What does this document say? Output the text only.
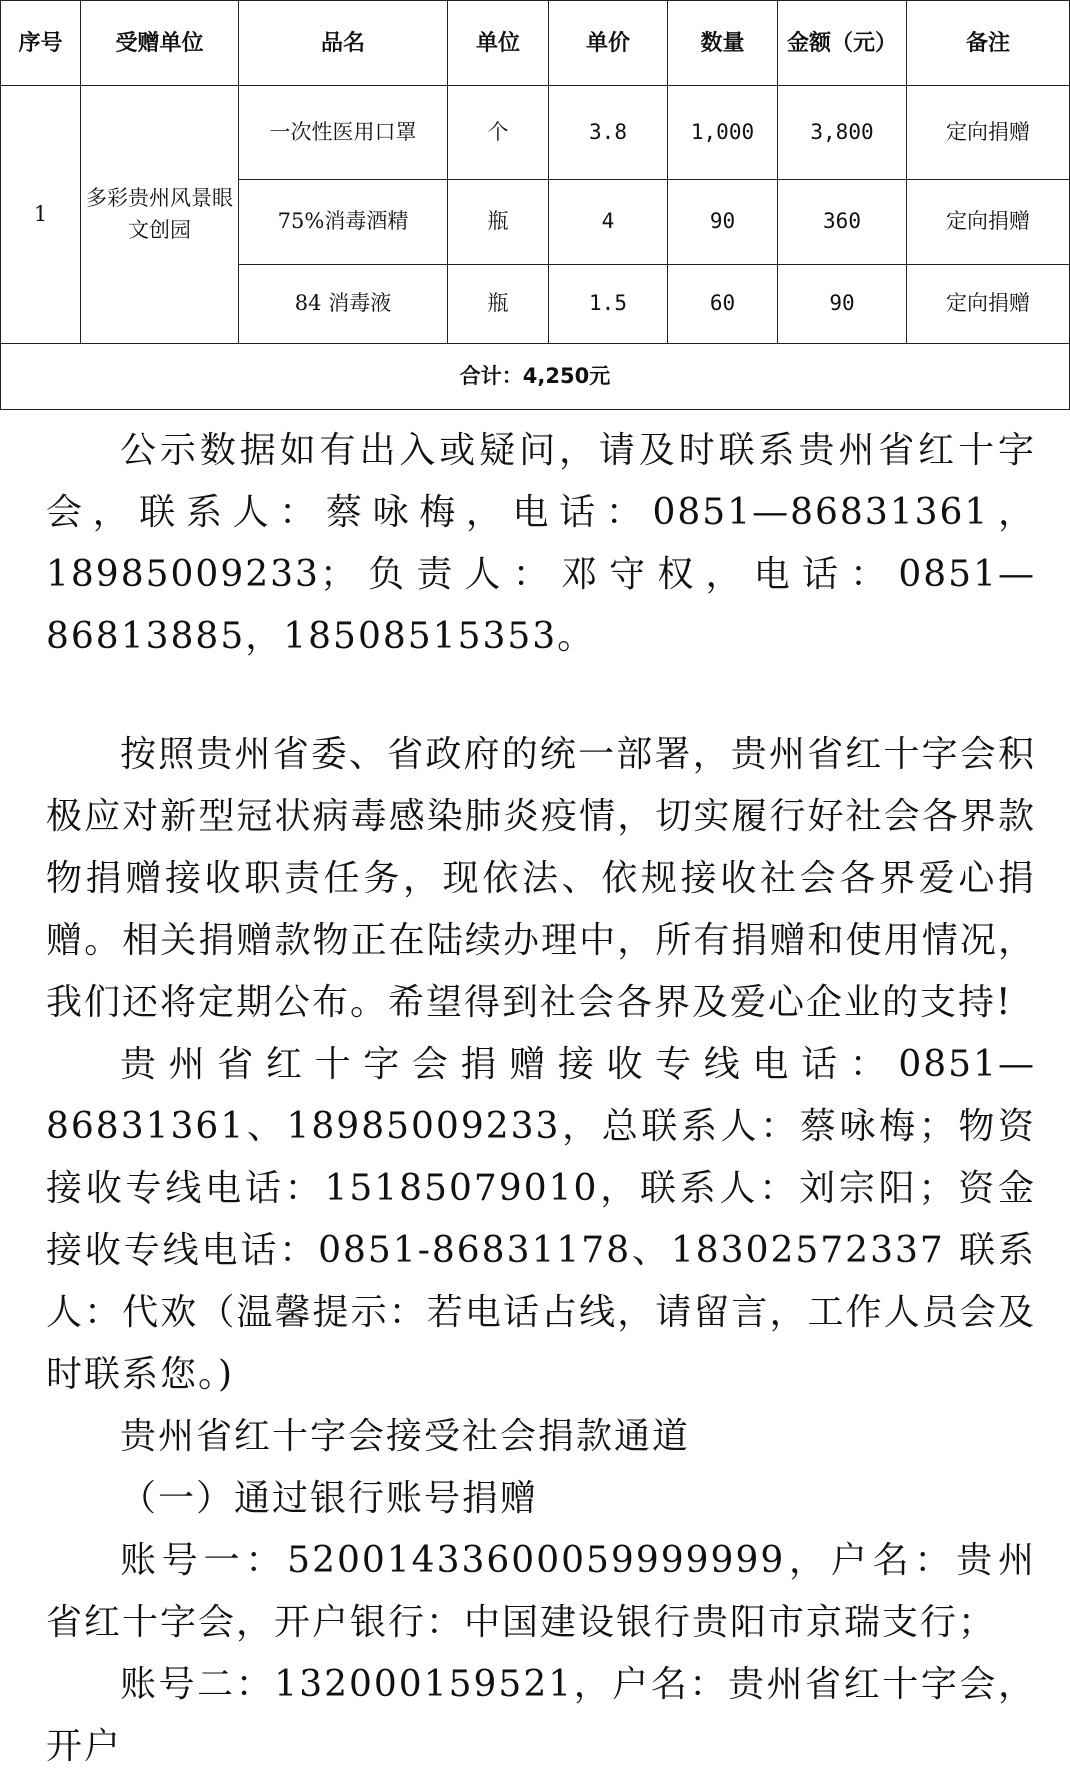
序号	受赠单位	品名	单位	单价	数量	金额（元）	备注
1	多彩贵州风景眼文创园	一次性医用口罩	个	3.8	1,000	3,800	定向捐赠
		75%消毒酒精	瓶	4	90	360	定向捐赠
		84 消毒液	瓶	1.5	60	90	定向捐赠
合计：4,250元							

公示数据如有出入或疑问，请及时联系贵州省红十字会，联系人：蔡咏梅，电话：0851—86831361，18985009233；负责人：邓守权，电话：0851—86813885，18508515353。

按照贵州省委、省政府的统一部署，贵州省红十字会积极应对新型冠状病毒感染肺炎疫情，切实履行好社会各界款物捐赠接收职责任务，现依法、依规接收社会各界爱心捐赠。相关捐赠款物正在陆续办理中，所有捐赠和使用情况，我们还将定期公布。希望得到社会各界及爱心企业的支持!

贵州省红十字会捐赠接收专线电话：0851—86831361、18985009233，总联系人：蔡咏梅；物资接收专线电话：15185079010，联系人：刘宗阳；资金接收专线电话：0851-86831178、18302572337 联系人：代欢（温馨提示：若电话占线，请留言，工作人员会及时联系您。)

贵州省红十字会接受社会捐款通道

（一）通过银行账号捐赠

账号一：52001433600059999999，户名：贵州省红十字会，开户银行：中国建设银行贵阳市京瑞支行；

账号二：132000159521，户名：贵州省红十字会，开户
